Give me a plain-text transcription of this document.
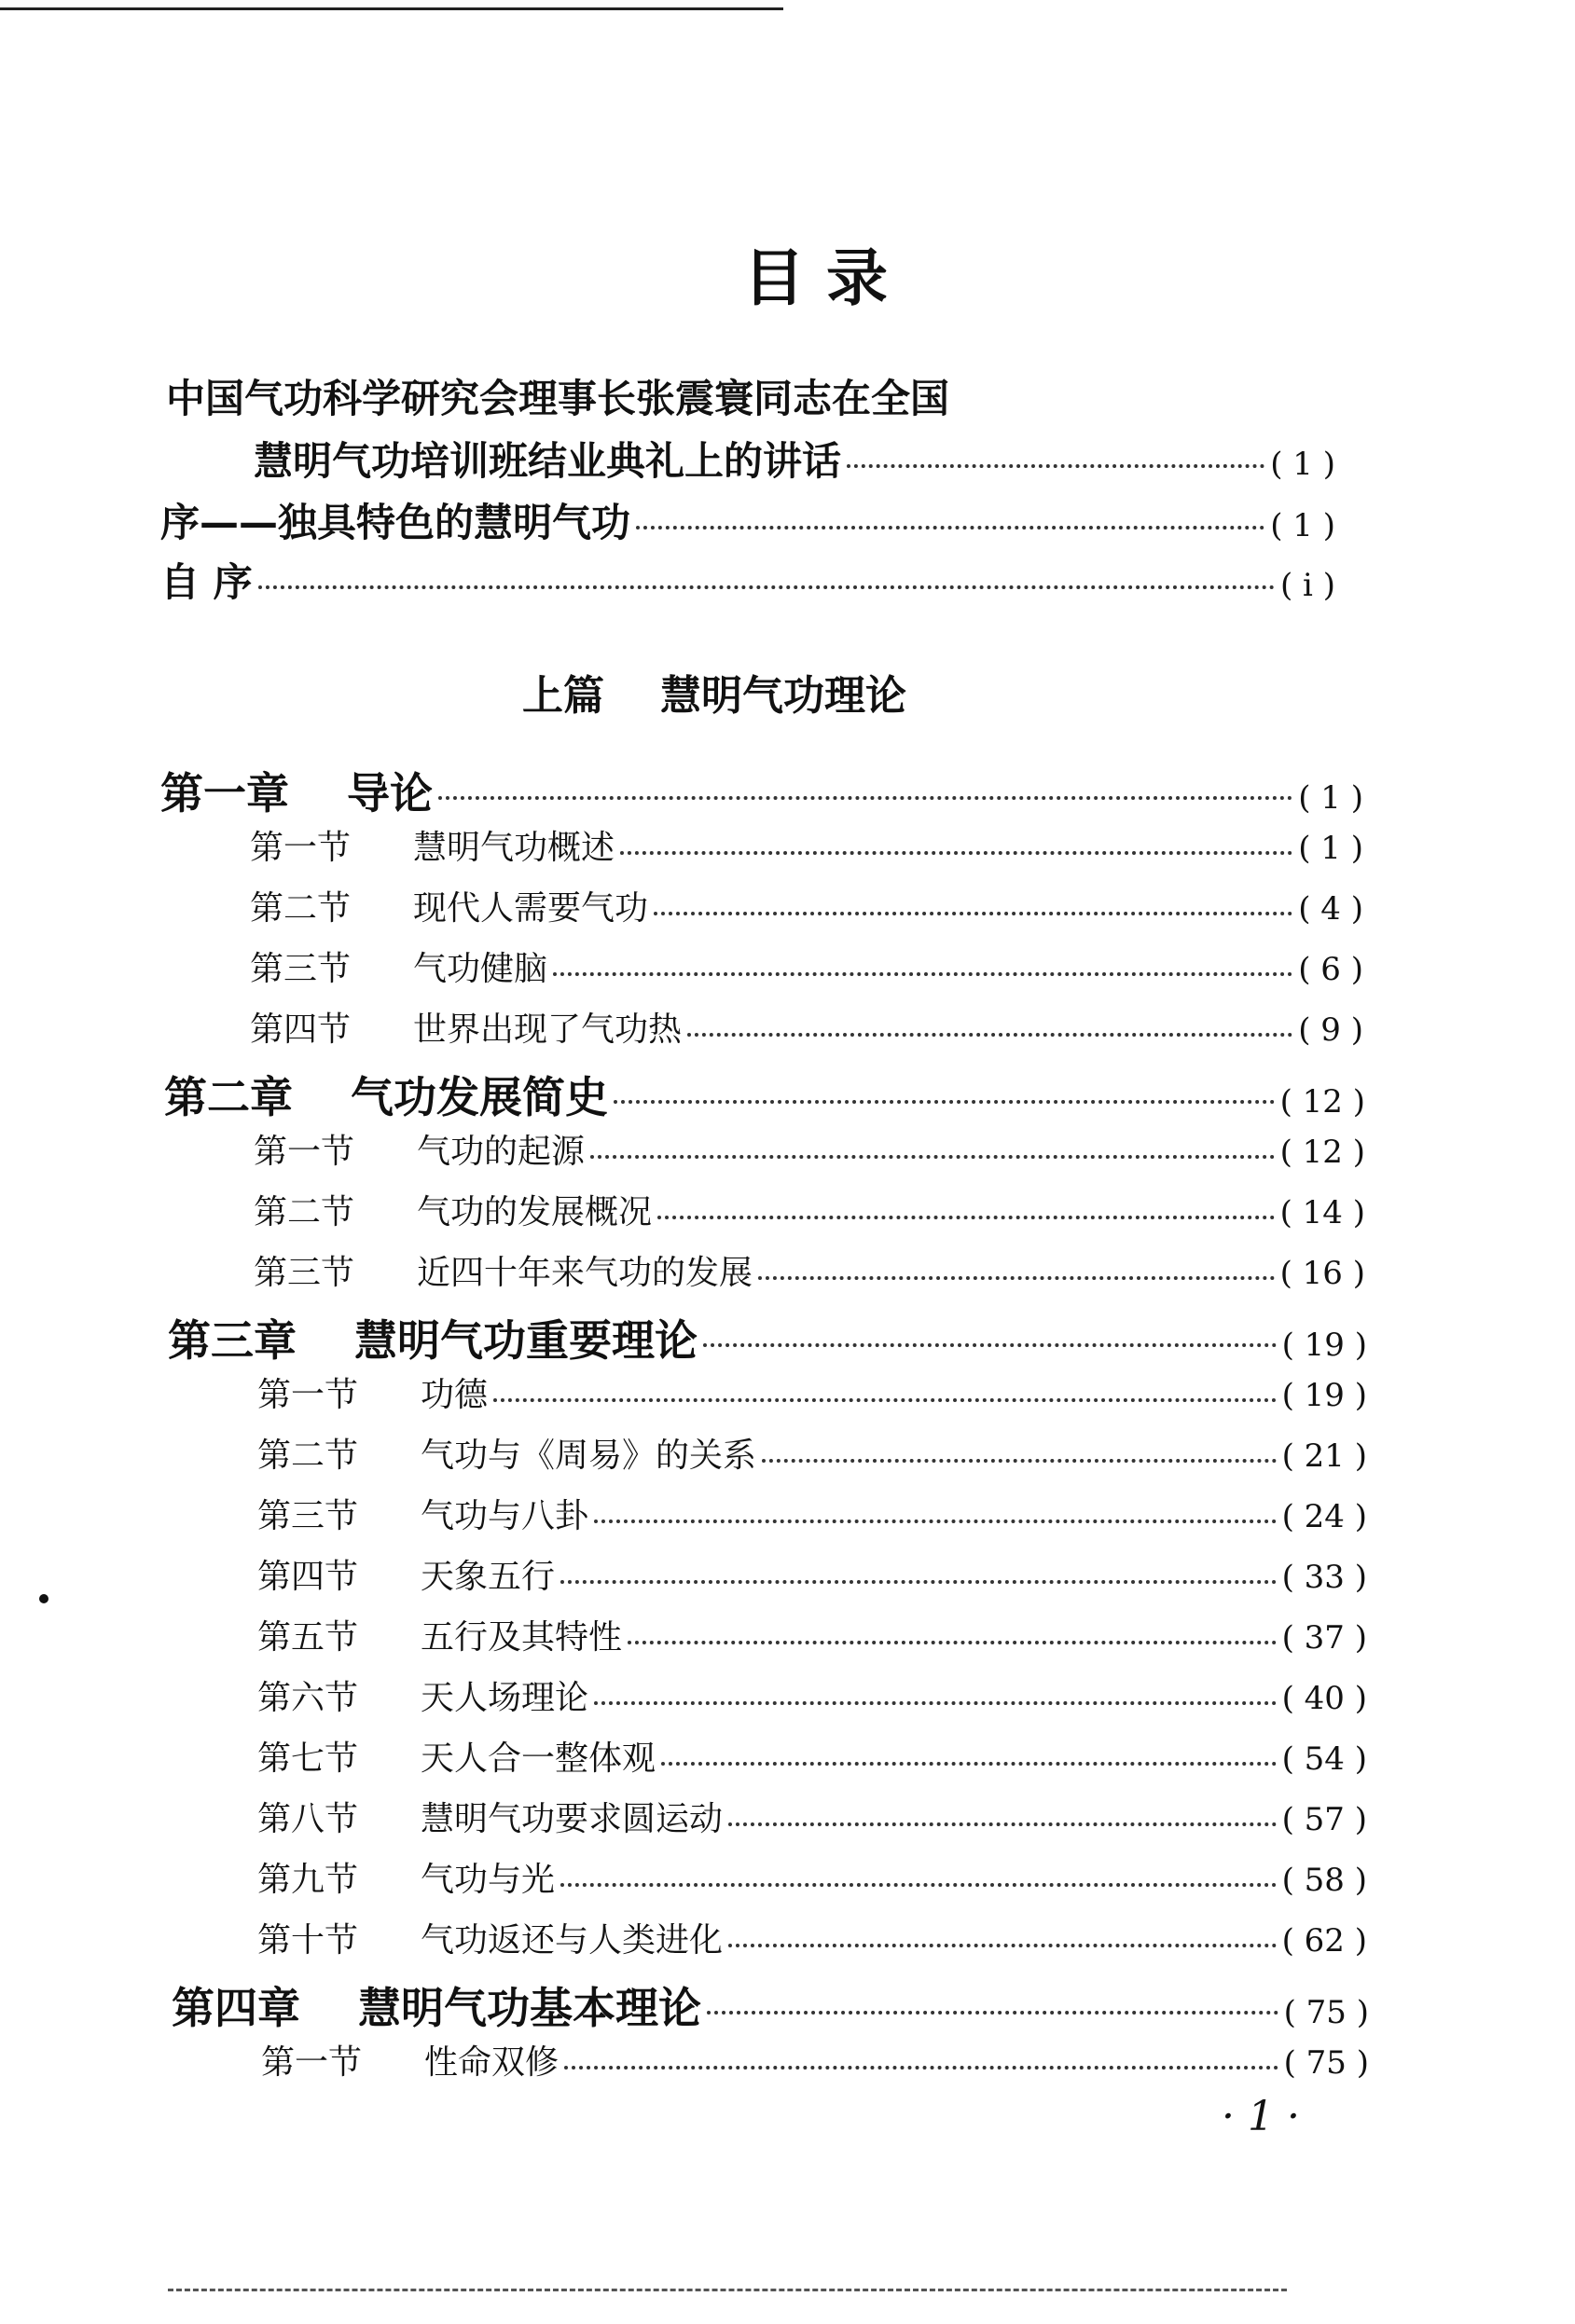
目 录
中国气功科学研究会理事长张震寰同志在全国
慧明气功培训班结业典礼上的讲话	( 1 )
序——独具特色的慧明气功	( 1 )
自 序	( i )
上篇 慧明气功理论
第一章	导论	( 1 )
第一节	慧明气功概述	( 1 )
第二节	现代人需要气功	( 4 )
第三节	气功健脑	( 6 )
第四节	世界出现了气功热	( 9 )
第二章	气功发展简史	( 12 )
第一节	气功的起源	( 12 )
第二节	气功的发展概况	( 14 )
第三节	近四十年来气功的发展	( 16 )
第三章	慧明气功重要理论	( 19 )
第一节	功德	( 19 )
第二节	气功与《周易》的关系	( 21 )
第三节	气功与八卦	( 24 )
第四节	天象五行	( 33 )
第五节	五行及其特性	( 37 )
第六节	天人场理论	( 40 )
第七节	天人合一整体观	( 54 )
第八节	慧明气功要求圆运动	( 57 )
第九节	气功与光	( 58 )
第十节	气功返还与人类进化	( 62 )
第四章	慧明气功基本理论	( 75 )
第一节	性命双修	( 75 )
· 1 ·
